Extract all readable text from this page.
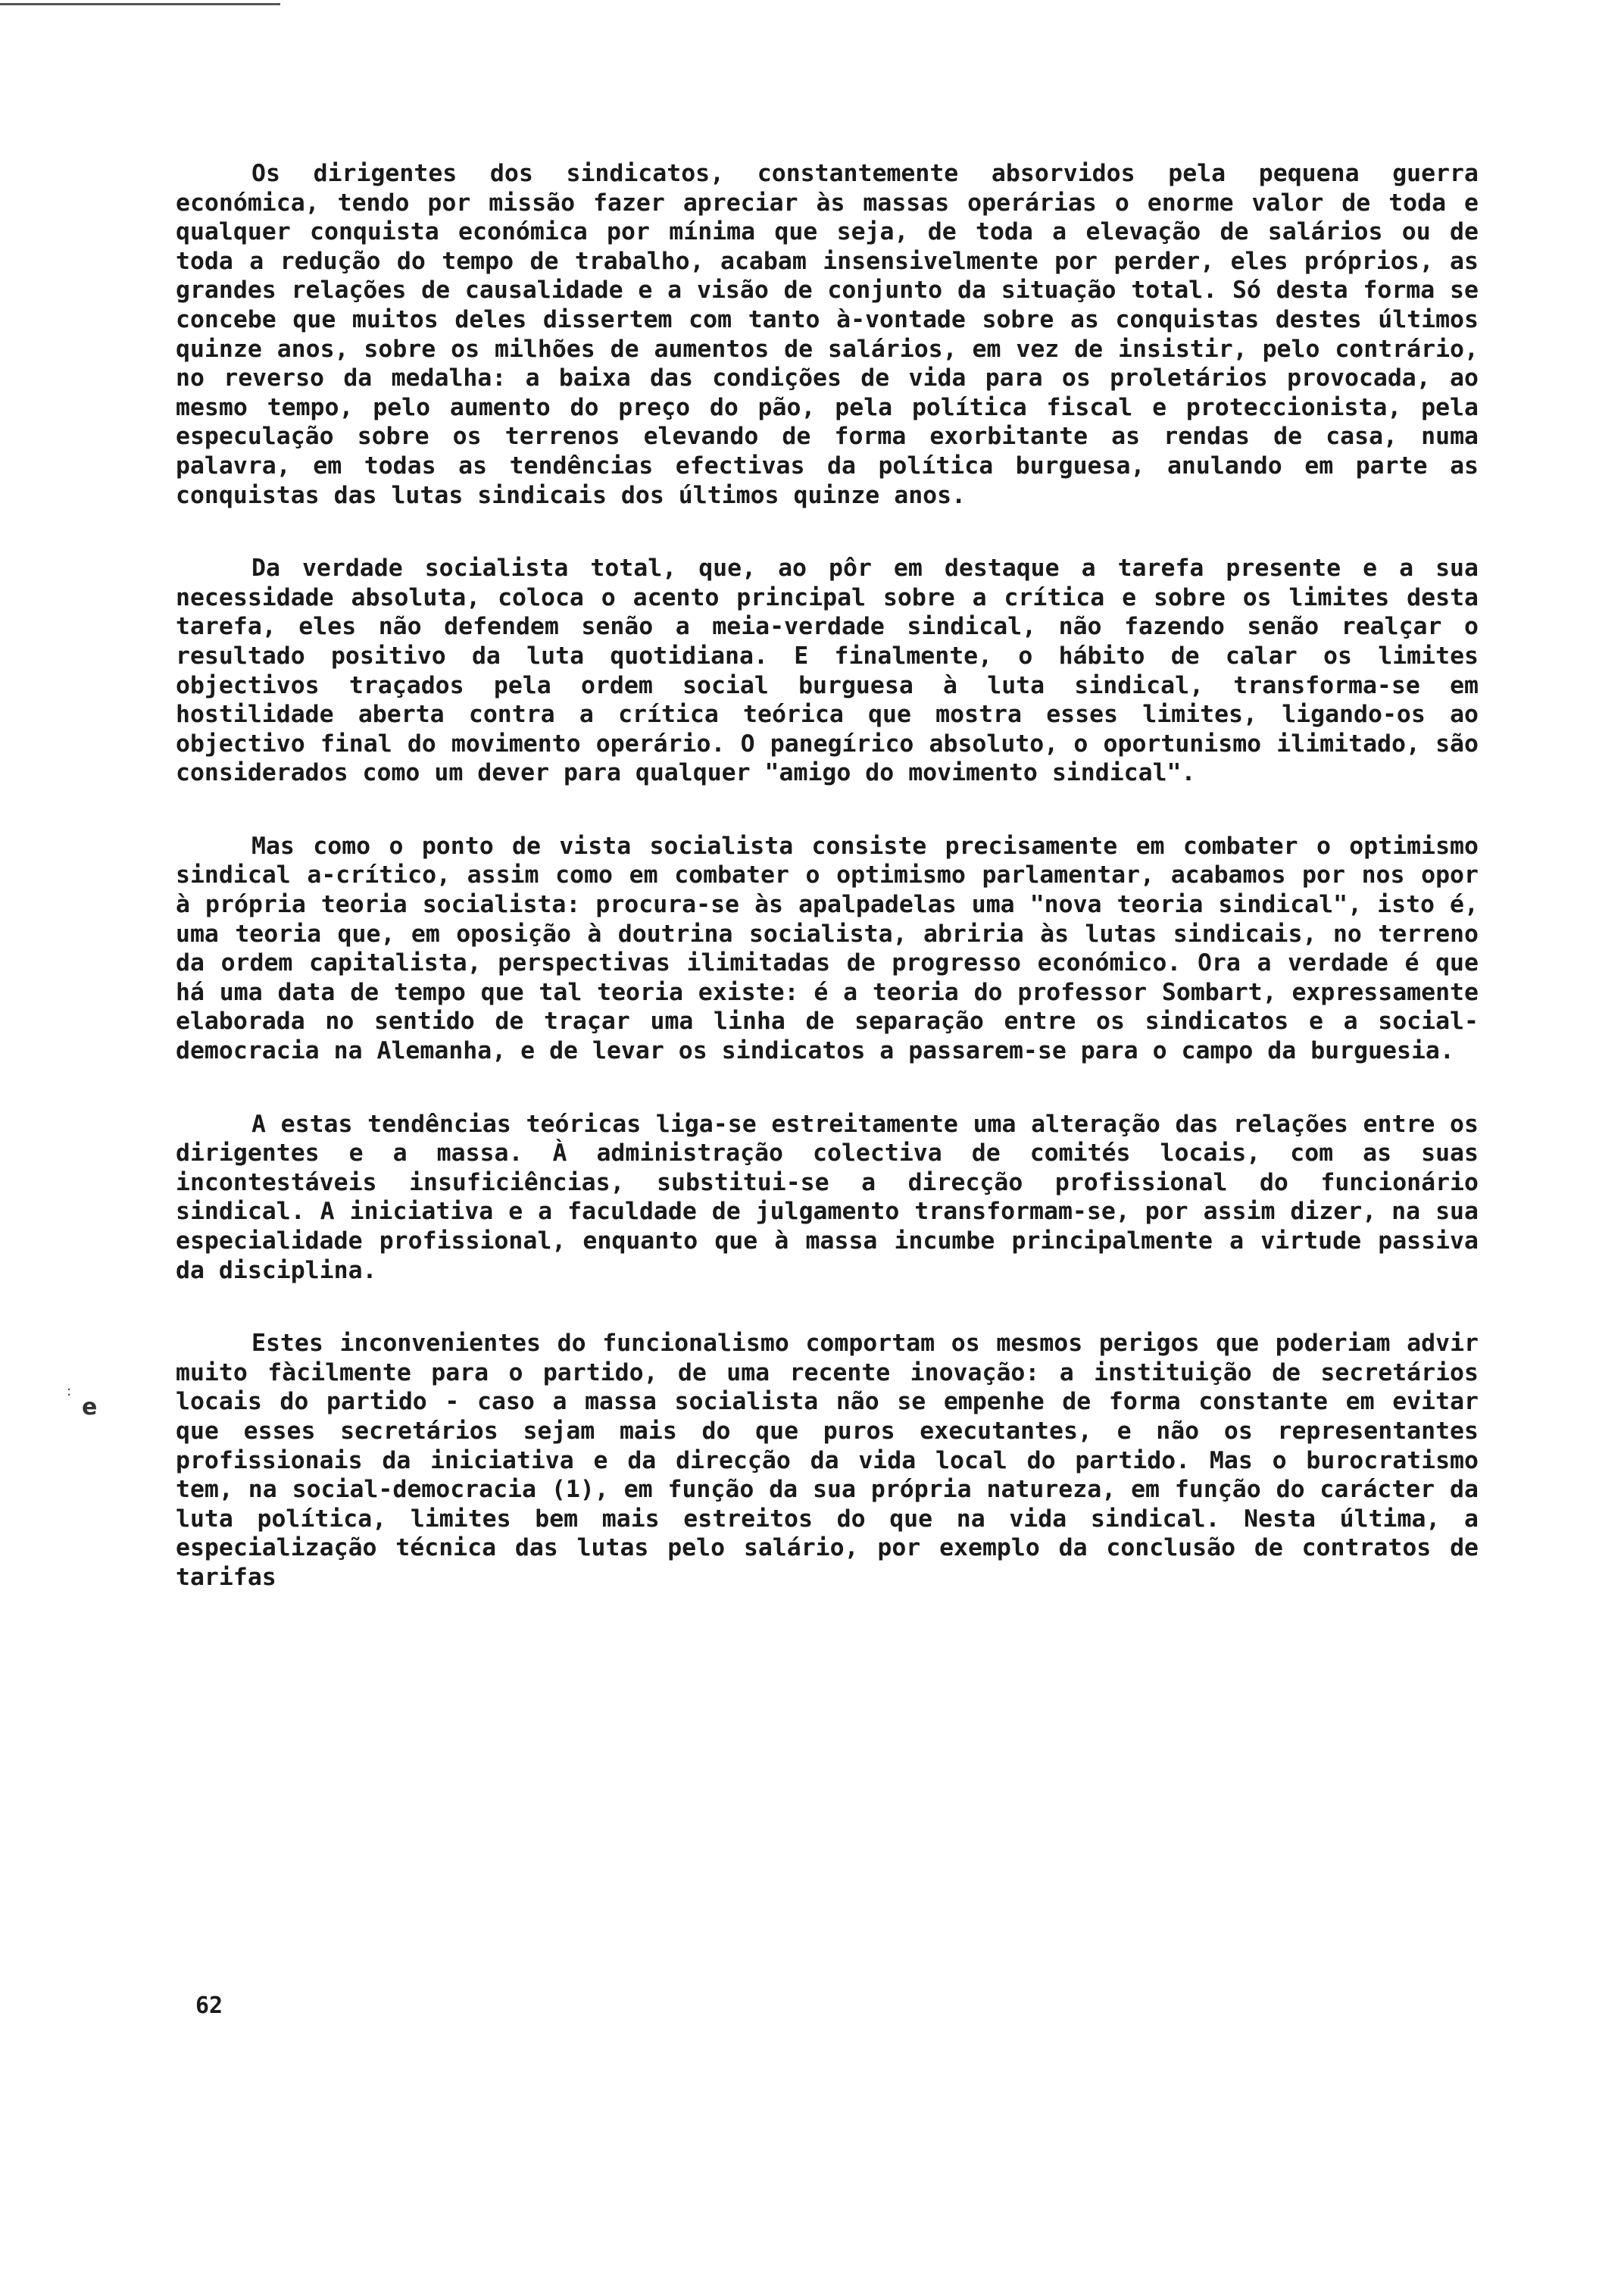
e
:

Os dirigentes dos sindicatos, constantemente absorvidos pela pequena guerra económica, tendo por missão fazer apreciar às massas operárias o enorme valor de toda e qualquer conquista económica por mínima que seja, de toda a elevação de salários ou de toda a redução do tempo de trabalho, acabam insensivelmente por perder, eles próprios, as grandes relações de causalidade e a visão de conjunto da situação total. Só desta forma se concebe que muitos deles dissertem com tanto à-vontade sobre as conquistas destes últimos quinze anos, sobre os milhões de aumentos de salários, em vez de insistir, pelo contrário, no reverso da medalha: a baixa das condições de vida para os proletários provocada, ao mesmo tempo, pelo aumento do preço do pão, pela política fiscal e proteccionista, pela especulação sobre os terrenos elevando de forma exorbitante as rendas de casa, numa palavra, em todas as tendências efectivas da política burguesa, anulando em parte as conquistas das lutas sindicais dos últimos quinze anos.

Da verdade socialista total, que, ao pôr em destaque a tarefa presente e a sua necessidade absoluta, coloca o acento principal sobre a crítica e sobre os limites desta tarefa, eles não defendem senão a meia-verdade sindical, não fazendo senão realçar o resultado positivo da luta quotidiana. E finalmente, o hábito de calar os limites objectivos traçados pela ordem social burguesa à luta sindical, transforma-se em hostilidade aberta contra a crítica teórica que mostra esses limites, ligando-os ao objectivo final do movimento operário. O panegírico absoluto, o oportunismo ilimitado, são considerados como um dever para qualquer "amigo do movimento sindical".

Mas como o ponto de vista socialista consiste precisamente em combater o optimismo sindical a-crítico, assim como em combater o optimismo parlamentar, acabamos por nos opor à própria teoria socialista: procura-se às apalpadelas uma "nova teoria sindical", isto é, uma teoria que, em oposição à doutrina socialista, abriria às lutas sindicais, no terreno da ordem capitalista, perspectivas ilimitadas de progresso económico. Ora a verdade é que há uma data de tempo que tal teoria existe: é a teoria do professor Sombart, expressamente elaborada no sentido de traçar uma linha de separação entre os sindicatos e a social-democracia na Alemanha, e de levar os sindicatos a passarem-se para o campo da burguesia.

A estas tendências teóricas liga-se estreitamente uma alteração das relações entre os dirigentes e a massa. À administração colectiva de comités locais, com as suas incontestáveis insuficiências, substitui-se a direcção profissional do funcionário sindical. A iniciativa e a faculdade de julgamento transformam-se, por assim dizer, na sua especialidade profissional, enquanto que à massa incumbe principalmente a virtude passiva da disciplina.

Estes inconvenientes do funcionalismo comportam os mesmos perigos que poderiam advir muito fàcilmente para o partido, de uma recente inovação: a instituição de secretários locais do partido - caso a massa socialista não se empenhe de forma constante em evitar que esses secretários sejam mais do que puros executantes, e não os representantes profissionais da iniciativa e da direcção da vida local do partido. Mas o burocratismo tem, na social-democracia (1), em função da sua própria natureza, em função do carácter da luta política, limites bem mais estreitos do que na vida sindical. Nesta última, a especialização técnica das lutas pelo salário, por exemplo da conclusão de contratos de tarifas

62
